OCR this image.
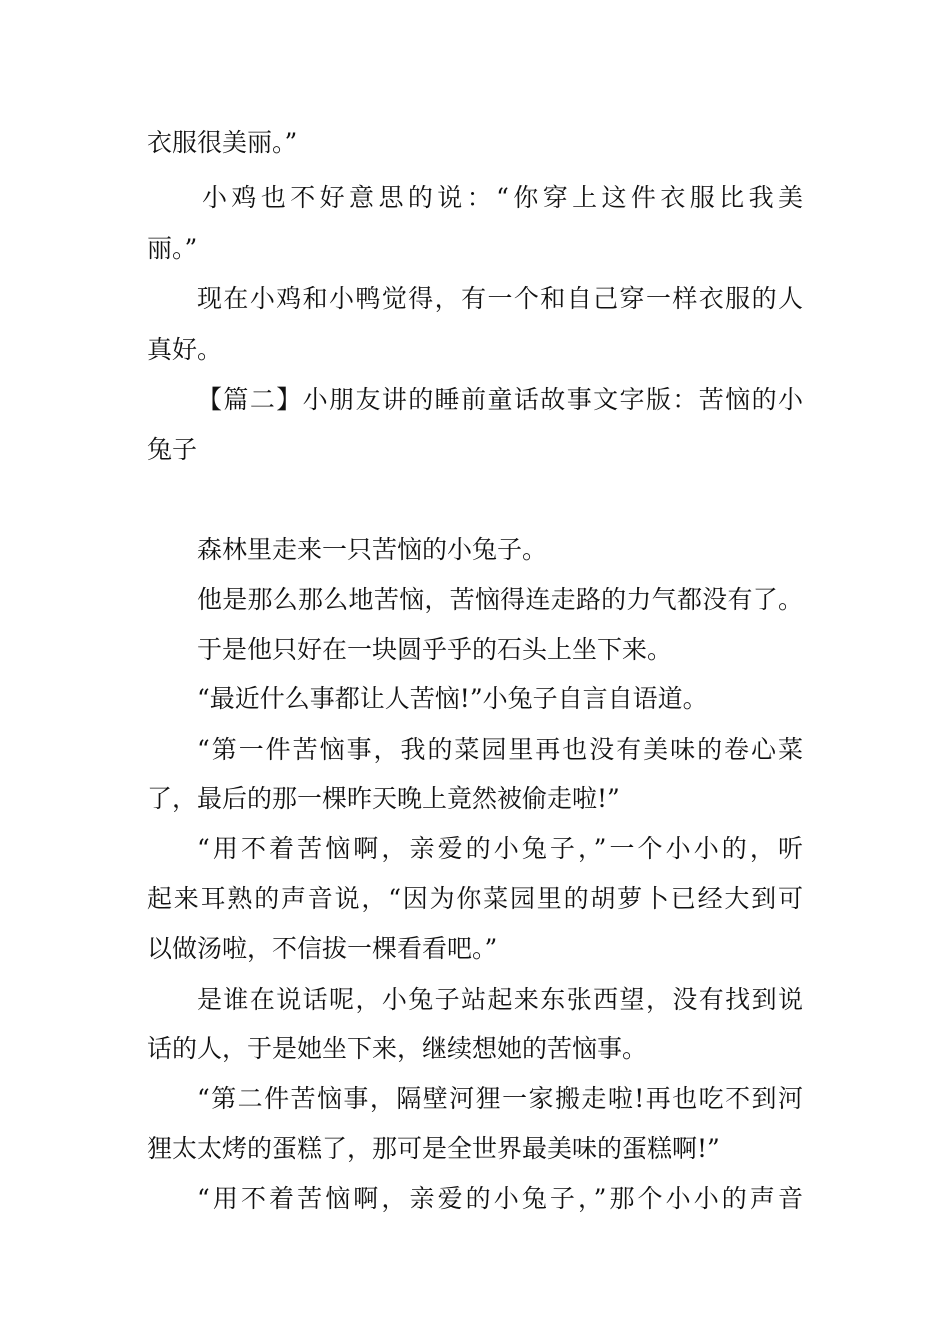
衣服很美丽。”

小鸡也不好意思的说：“你穿上这件衣服比我美

丽。”

现在小鸡和小鸭觉得，有一个和自己穿一样衣服的人

真好。

【篇二】小朋友讲的睡前童话故事文字版：苦恼的小

兔子

森林里走来一只苦恼的小兔子。

他是那么那么地苦恼，苦恼得连走路的力气都没有了。

于是他只好在一块圆乎乎的石头上坐下来。

“最近什么事都让人苦恼!”小兔子自言自语道。

“第一件苦恼事，我的菜园里再也没有美味的卷心菜

了，最后的那一棵昨天晚上竟然被偷走啦!”

“用不着苦恼啊，亲爱的小兔子，”一个小小的，听

起来耳熟的声音说，“因为你菜园里的胡萝卜已经大到可

以做汤啦，不信拔一棵看看吧。”

是谁在说话呢，小兔子站起来东张西望，没有找到说

话的人，于是她坐下来，继续想她的苦恼事。

“第二件苦恼事，隔壁河狸一家搬走啦!再也吃不到河

狸太太烤的蛋糕了，那可是全世界最美味的蛋糕啊!”

“用不着苦恼啊，亲爱的小兔子，”那个小小的声音
